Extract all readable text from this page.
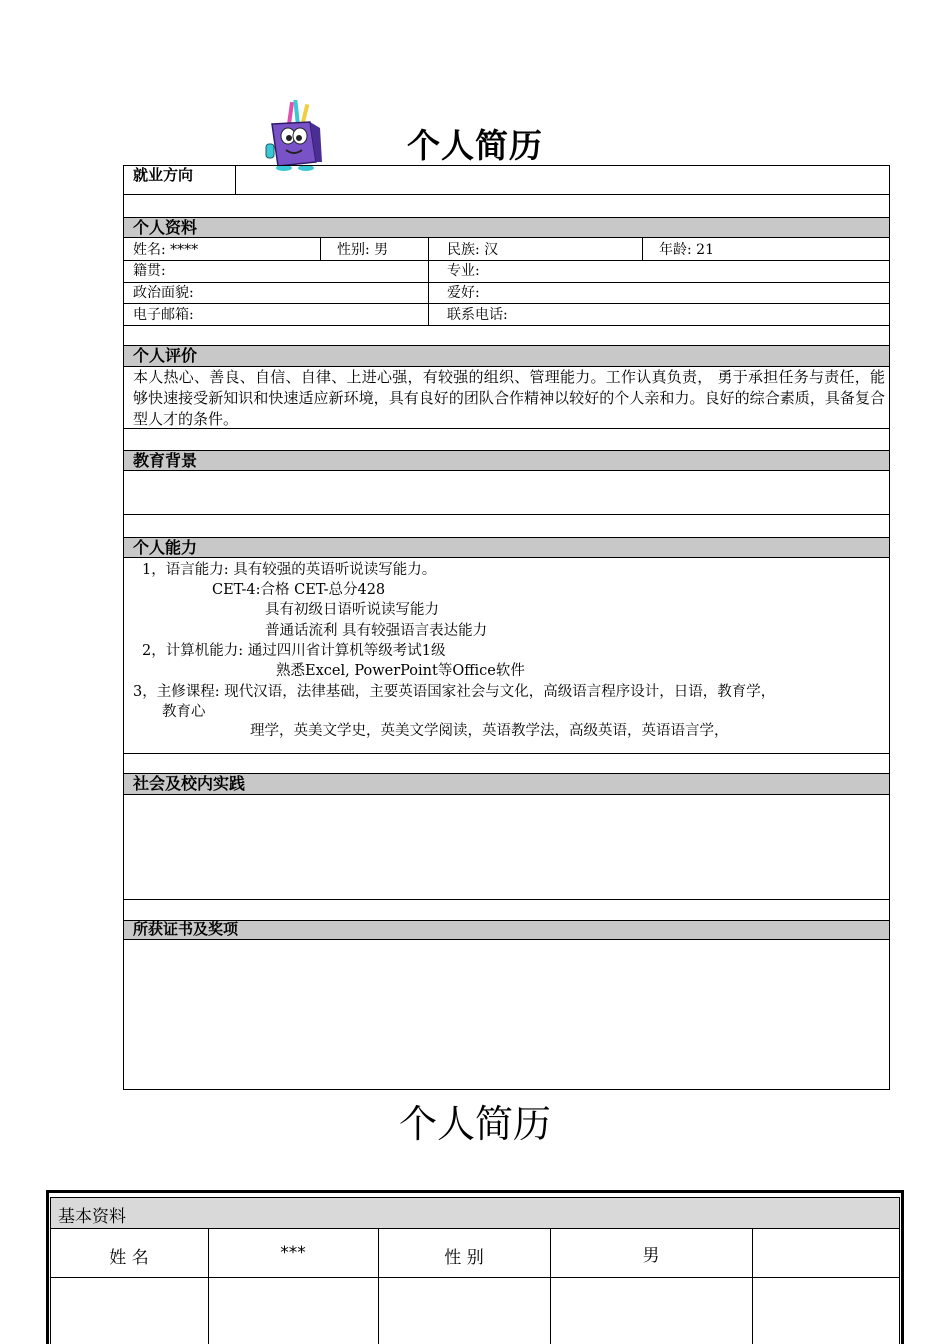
个人简历
就业方向
个人资料
姓名: ****	性别: 男	民族: 汉	年龄: 21
籍贯:	专业:
政治面貌:	爱好:
电子邮箱:	联系电话:
个人评价
本人热心、善良、自信、自律、上进心强，有较强的组织、管理能力。工作认真负责， 勇于承担任务与责任，能够快速接受新知识和快速适应新环境，具有良好的团队合作精神以较好的个人亲和力。良好的综合素质，具备复合型人才的条件。
教育背景
个人能力
1，语言能力: 具有较强的英语听说读写能力。
CET-4:合格 CET-总分428
具有初级日语听说读写能力
普通话流利 具有较强语言表达能力
2，计算机能力: 通过四川省计算机等级考试1级
熟悉Excel, PowerPoint等Office软件
3，主修课程: 现代汉语，法律基础，主要英语国家社会与文化，高级语言程序设计，日语，教育学，
教育心
理学，英美文学史，英美文学阅读，英语教学法，高级英语，英语语言学，
社会及校内实践
所获证书及奖项
个人简历
基本资料
姓 名	***	性 别	男
